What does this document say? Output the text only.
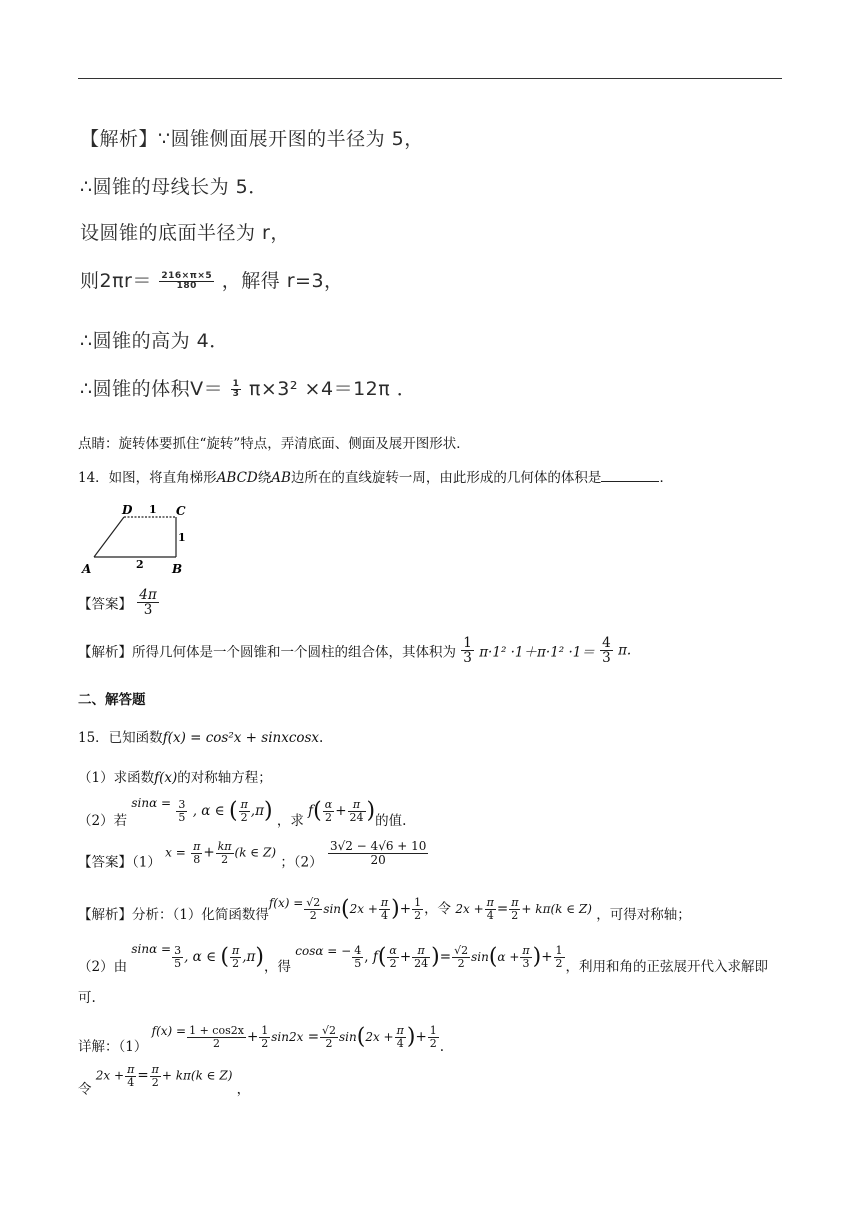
【解析】∵圆锥侧面展开图的半径为 5，
∴圆锥的母线长为 5．
设圆锥的底面半径为 r，
则$2\pi r= \frac{216\times\pi\times 5}{180}$ ，解得 r=3，
∴圆锥的高为 4．
∴圆锥的体积$V= \frac{1}{3} \pi\times 3^2 \times 4=12\pi$ ．
点睛：旋转体要抓住“旋转”特点，弄清底面、侧面及展开图形状．
14．如图，将直角梯形ABCD绕AB边所在的直线旋转一周，由此形成的几何体的体积是	．
D 1 C
1
A	2 B
【答案】 $\frac{4\pi}{3}$
【解析】所得几何体是一个圆锥和一个圆柱的组合体，其体积为 $\frac{1}{3} \pi\cdot 1^2 \cdot 1+\pi\cdot 1^2 \cdot 1= \frac{4}{3} \pi$.
二、解答题
15．已知函数f(x) = cos²x + sinxcosx.
（1）求函数f(x)的对称轴方程；
（2）若 $\sin\alpha = \frac{3}{5}$ , α ∈ ( $\frac{\pi}{2} ,\pi$) ，求 $f( \frac{\alpha}{2} + \frac{\pi}{24}$ )的值.
【答案】（1） $x = \frac{\pi}{8} + \frac{k\pi}{2} (k$ ∈ Z) ；$(2) \frac{3√2 - 4√6 + 10}{20}$
【解析】分析：（1）化简函数得$f(x) = \frac{√2}{2} \sin(2x + \frac{\pi}{4}$ )+ $\frac{1}{2}$ ，令 $2x + \frac{\pi}{4} = \frac{\pi}{2} + k\pi(k$ ∈ Z) ，可得对称轴；
（2）由 $\sin\alpha = \frac{3}{5}$ , α ∈ ( $\frac{\pi}{2} ,\pi$)，得 cosα = − $\frac{4}{5}$ , $f( \frac{\alpha}{2} + \frac{\pi}{24}$ )= $\frac{√2}{2} \sin(\alpha + \frac{\pi}{3}$ )+ $\frac{1}{2}$ ，利用和角的正弦展开代入求解即
可.
详解：（1） $f(x) = \frac{1 + \cos 2x}{2} + \frac{1}{2} \sin 2x = \frac{√2}{2} \sin(2x + \frac{\pi}{4}$ )+ $\frac{1}{2}$ .
令 $2x + \frac{\pi}{4} = \frac{\pi}{2} + k\pi(k$ ∈ Z) ，
